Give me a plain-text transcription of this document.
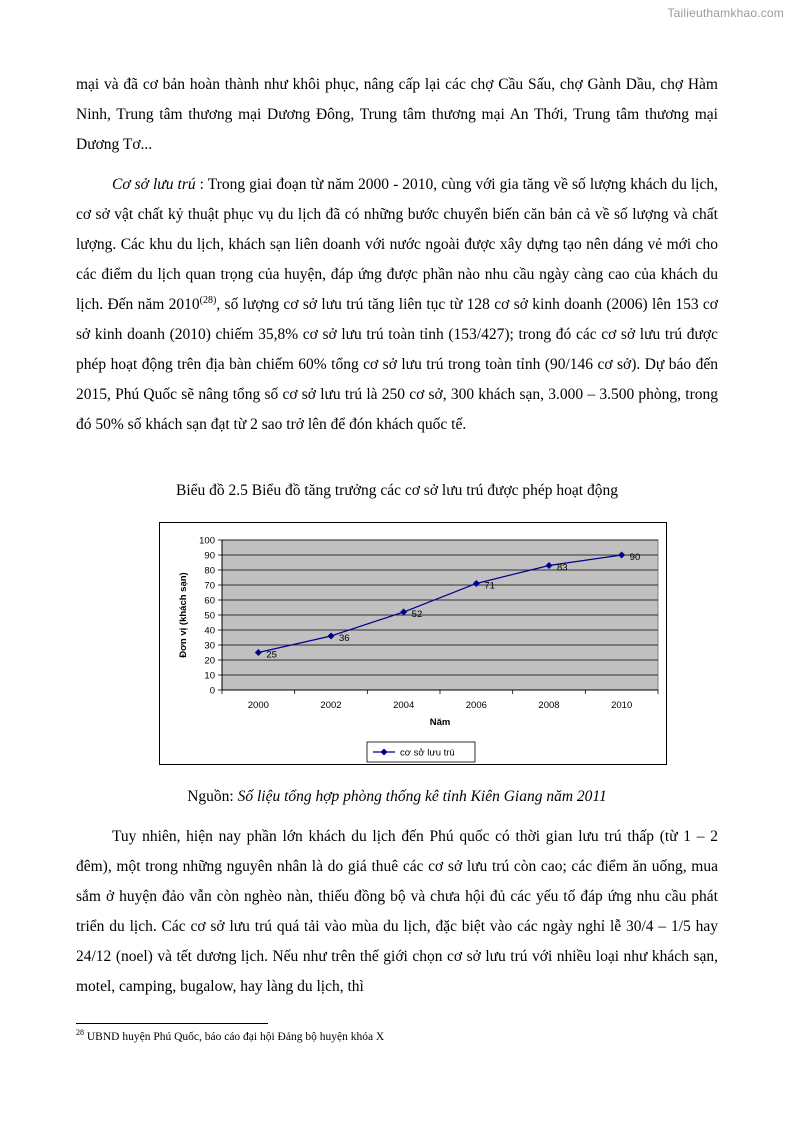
Tailieuthamkhao.com

mại và đã cơ bản hoàn thành như khôi phục, nâng cấp lại các chợ Cầu Sấu, chợ Gành Dầu, chợ Hàm Ninh, Trung tâm thương mại Dương Đông, Trung tâm thương mại An Thới, Trung tâm thương mại Dương Tơ...

Cơ sở lưu trú : Trong giai đoạn từ năm 2000 - 2010, cùng với gia tăng về số lượng khách du lịch, cơ sở vật chất kỷ thuật phục vụ du lịch đã có những bước chuyển biến căn bản cả về số lượng và chất lượng. Các khu du lịch, khách sạn liên doanh với nước ngoài được xây dựng tạo nên dáng vẻ mới cho các điểm du lịch quan trọng của huyện, đáp ứng được phần nào nhu cầu ngày càng cao của khách du lịch. Đến năm 2010$^{(28)}$, số lượng cơ sở lưu trú tăng liên tục từ 128 cơ sở kinh doanh (2006) lên 153 cơ sở kinh doanh (2010) chiếm 35,8% cơ sở lưu trú toàn tỉnh (153/427); trong đó các cơ sở lưu trú được phép hoạt động trên địa bàn chiếm 60% tổng cơ sở lưu trú trong toàn tỉnh (90/146 cơ sở). Dự báo đến 2015, Phú Quốc sẽ nâng tổng số cơ sở lưu trú là 250 cơ sở, 300 khách sạn, 3.000 – 3.500 phòng, trong đó 50% số khách sạn đạt từ 2 sao trở lên để đón khách quốc tế.

Biểu đồ 2.5 Biểu đồ tăng trưởng các cơ sở lưu trú được phép hoạt động

0
10
20
30
40
50
60
70
80
90
100
2000	2002	2004	2006	2008	2010
Năm
Đơn vị (khách sạn)	25
36
52
71
83
90
cơ sở lưu trú

Nguồn: Số liệu tổng hợp phòng thống kê tỉnh Kiên Giang năm 2011

Tuy nhiên, hiện nay phần lớn khách du lịch đến Phú quốc có thời gian lưu trú thấp (từ 1 – 2 đêm), một trong những nguyên nhân là do giá thuê các cơ sở lưu trú còn cao; các điểm ăn uống, mua sắm ở huyện đảo vẫn còn nghèo nàn, thiếu đồng bộ và chưa hội đủ các yếu tố đáp ứng nhu cầu phát triển du lịch. Các cơ sở lưu trú quá tải vào mùa du lịch, đặc biệt vào các ngày nghỉ lễ 30/4 – 1/5 hay 24/12 (noel) và tết dương lịch. Nếu như trên thế giới chọn cơ sở lưu trú với nhiều loại như khách sạn, motel, camping, bugalow, hay làng du lịch, thì

$^{28}$ UBND huyện Phú Quốc, báo cáo đại hội Đảng bộ huyện khóa X
